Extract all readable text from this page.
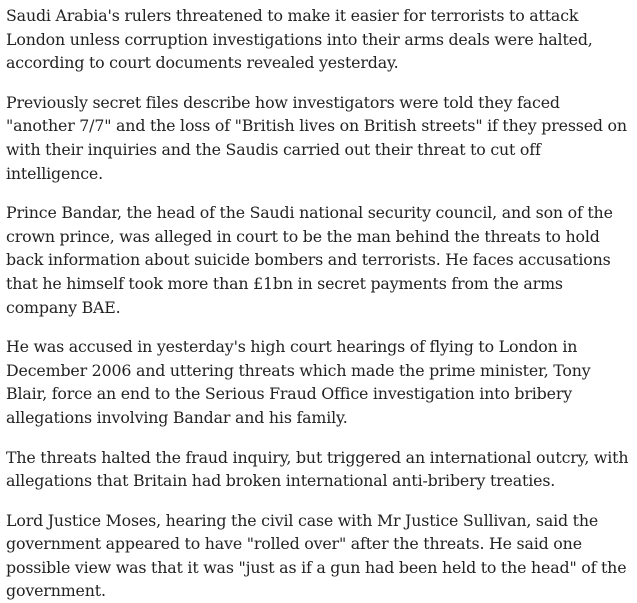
Saudi Arabia's rulers threatened to make it easier for terrorists to attack London unless corruption investigations into their arms deals were halted, according to court documents revealed yesterday.

Previously secret files describe how investigators were told they faced "another 7/7" and the loss of "British lives on British streets" if they pressed on with their inquiries and the Saudis carried out their threat to cut off intelligence.

Prince Bandar, the head of the Saudi national security council, and son of the crown prince, was alleged in court to be the man behind the threats to hold back information about suicide bombers and terrorists. He faces accusations that he himself took more than £1bn in secret payments from the arms company BAE.

He was accused in yesterday's high court hearings of flying to London in December 2006 and uttering threats which made the prime minister, Tony Blair, force an end to the Serious Fraud Office investigation into bribery allegations involving Bandar and his family.

The threats halted the fraud inquiry, but triggered an international outcry, with allegations that Britain had broken international anti-bribery treaties.

Lord Justice Moses, hearing the civil case with Mr Justice Sullivan, said the government appeared to have "rolled over" after the threats. He said one possible view was that it was "just as if a gun had been held to the head" of the government.
